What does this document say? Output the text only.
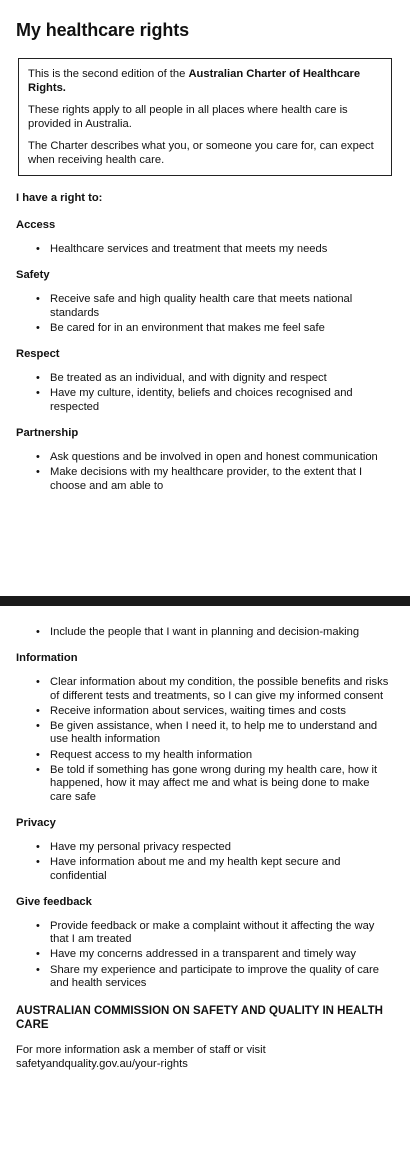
My healthcare rights

This is the second edition of the Australian Charter of Healthcare Rights.

These rights apply to all people in all places where health care is provided in Australia.

The Charter describes what you, or someone you care for, can expect when receiving health care.

I have a right to:
Access
• Healthcare services and treatment that meets my needs
Safety
• Receive safe and high quality health care that meets national standards
• Be cared for in an environment that makes me feel safe
Respect
• Be treated as an individual, and with dignity and respect
• Have my culture, identity, beliefs and choices recognised and respected
Partnership
• Ask questions and be involved in open and honest communication
• Make decisions with my healthcare provider, to the extent that I choose and am able to
• Include the people that I want in planning and decision-making
Information
• Clear information about my condition, the possible benefits and risks of different tests and treatments, so I can give my informed consent
• Receive information about services, waiting times and costs
• Be given assistance, when I need it, to help me to understand and use health information
• Request access to my health information
• Be told if something has gone wrong during my health care, how it happened, how it may affect me and what is being done to make care safe
Privacy
• Have my personal privacy respected
• Have information about me and my health kept secure and confidential
Give feedback
• Provide feedback or make a complaint without it affecting the way that I am treated
• Have my concerns addressed in a transparent and timely way
• Share my experience and participate to improve the quality of care and health services
AUSTRALIAN COMMISSION ON SAFETY AND QUALITY IN HEALTH CARE

For more information ask a member of staff or visit
safetyandquality.gov.au/your-rights
